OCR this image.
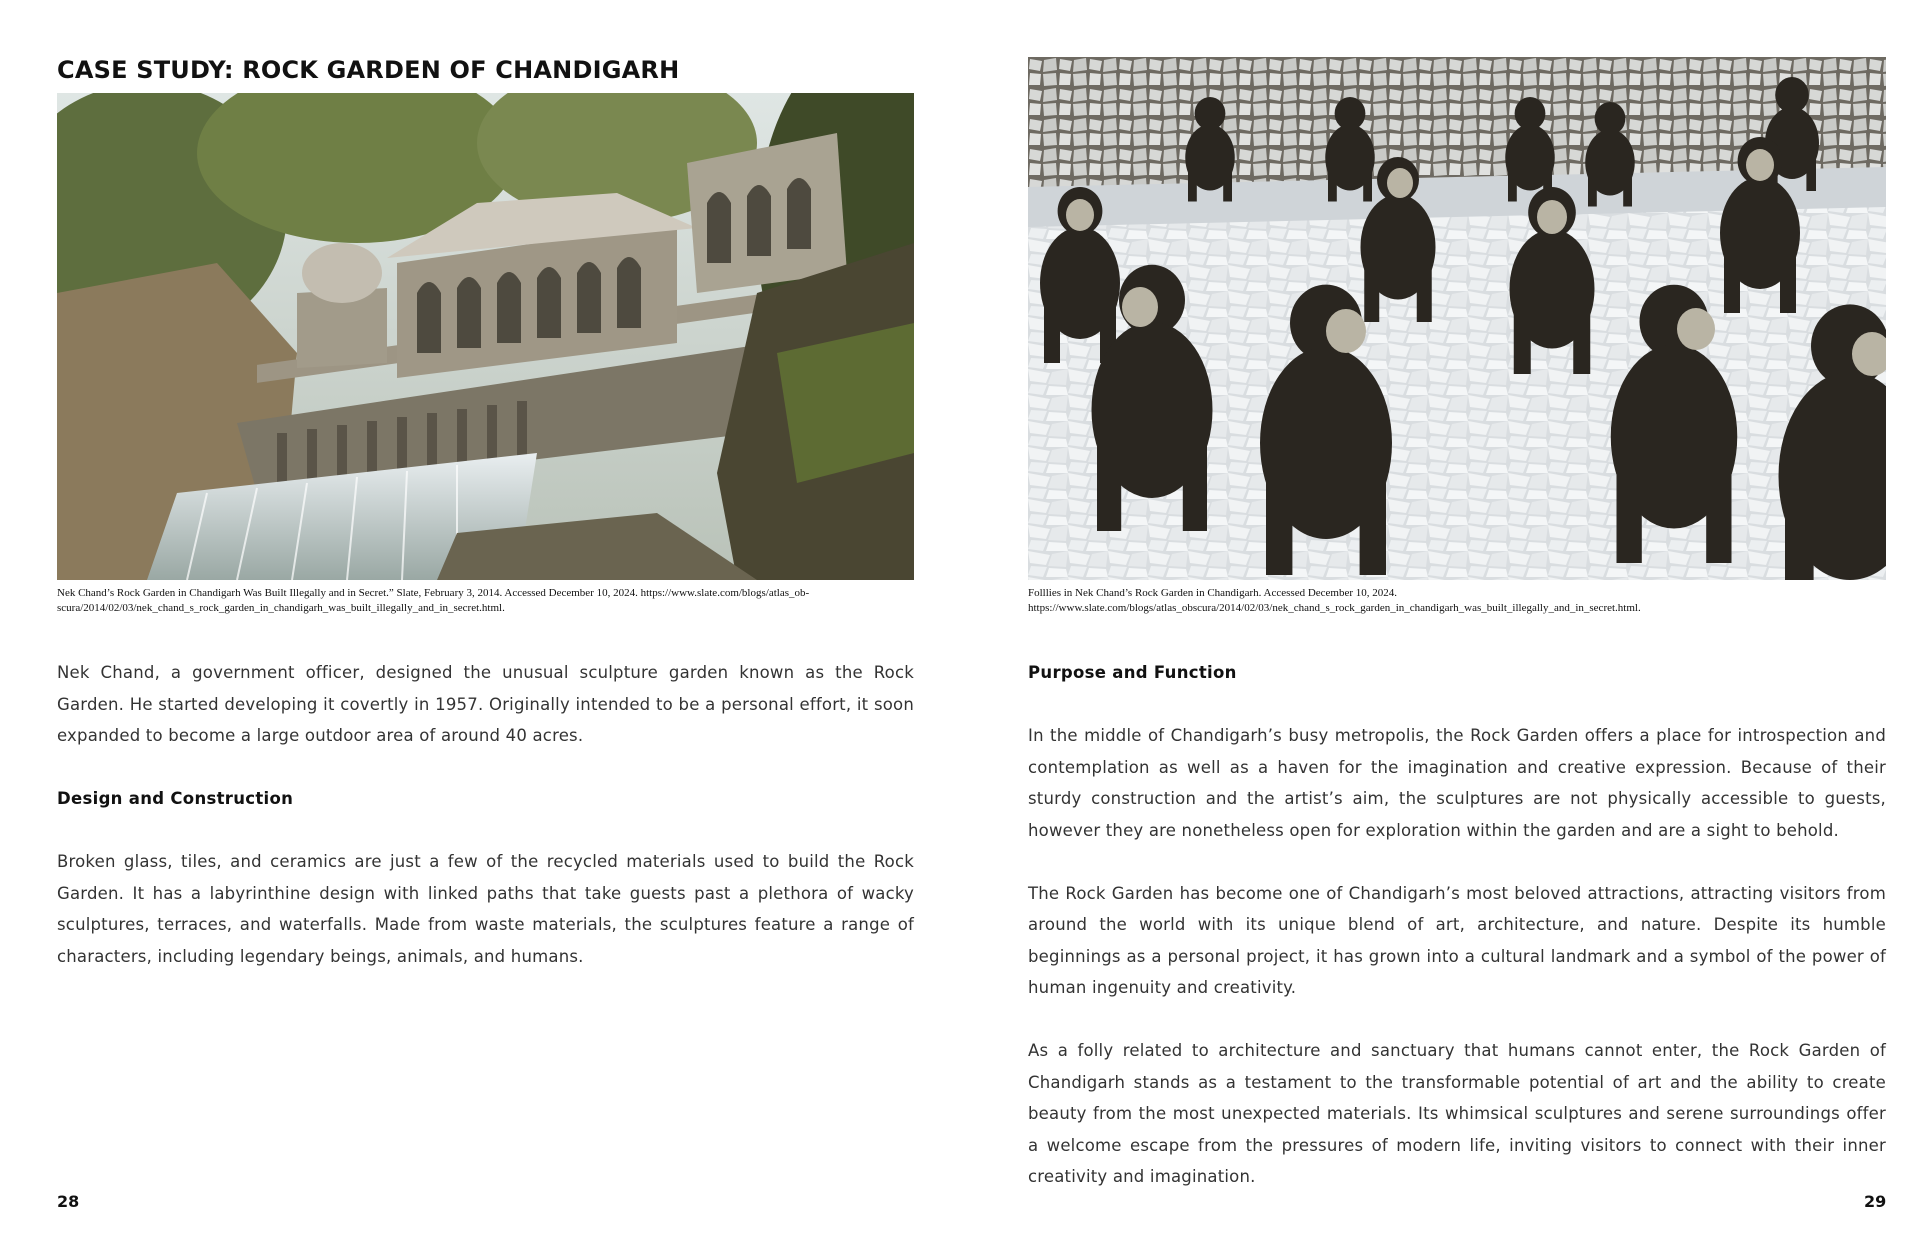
CASE STUDY: ROCK GARDEN OF CHANDIGARH
Nek Chand’s Rock Garden in Chandigarh Was Built Illegally and in Secret.” Slate, February 3, 2014. Accessed December 10, 2024. https://www.slate.com/blogs/atlas_ob-scura/2014/02/03/nek_chand_s_rock_garden_in_chandigarh_was_built_illegally_and_in_secret.html.

Nek Chand, a government officer, designed the unusual sculpture garden known as the Rock Garden. He started developing it covertly in 1957. Originally intended to be a personal effort, it soon expanded to become a large outdoor area of around 40 acres.

Design and Construction

Broken glass, tiles, and ceramics are just a few of the recycled materials used to build the Rock Garden. It has a labyrinthine design with linked paths that take guests past a plethora of wacky sculptures, terraces, and waterfalls. Made from waste materials, the sculptures feature a range of characters, including legendary beings, animals, and humans.

28
Folllies in Nek Chand’s Rock Garden in Chandigarh. Accessed December 10, 2024. https://www.slate.com/blogs/atlas_obscura/2014/02/03/nek_chand_s_rock_garden_in_chandigarh_was_built_illegally_and_in_secret.html.

Purpose and Function

In the middle of Chandigarh’s busy metropolis, the Rock Garden offers a place for introspection and contemplation as well as a haven for the imagination and creative expression. Because of their sturdy construction and the artist’s aim, the sculptures are not physically accessible to guests, however they are nonetheless open for exploration within the garden and are a sight to behold.

The Rock Garden has become one of Chandigarh’s most beloved attractions, attracting visitors from around the world with its unique blend of art, architecture, and nature. Despite its humble beginnings as a personal project, it has grown into a cultural landmark and a symbol of the power of human ingenuity and creativity.

As a folly related to architecture and sanctuary that humans cannot enter, the Rock Garden of Chandigarh stands as a testament to the transformable potential of art and the ability to create beauty from the most unexpected materials. Its whimsical sculptures and serene surroundings offer a welcome escape from the pressures of modern life, inviting visitors to connect with their inner creativity and imagination.

29
